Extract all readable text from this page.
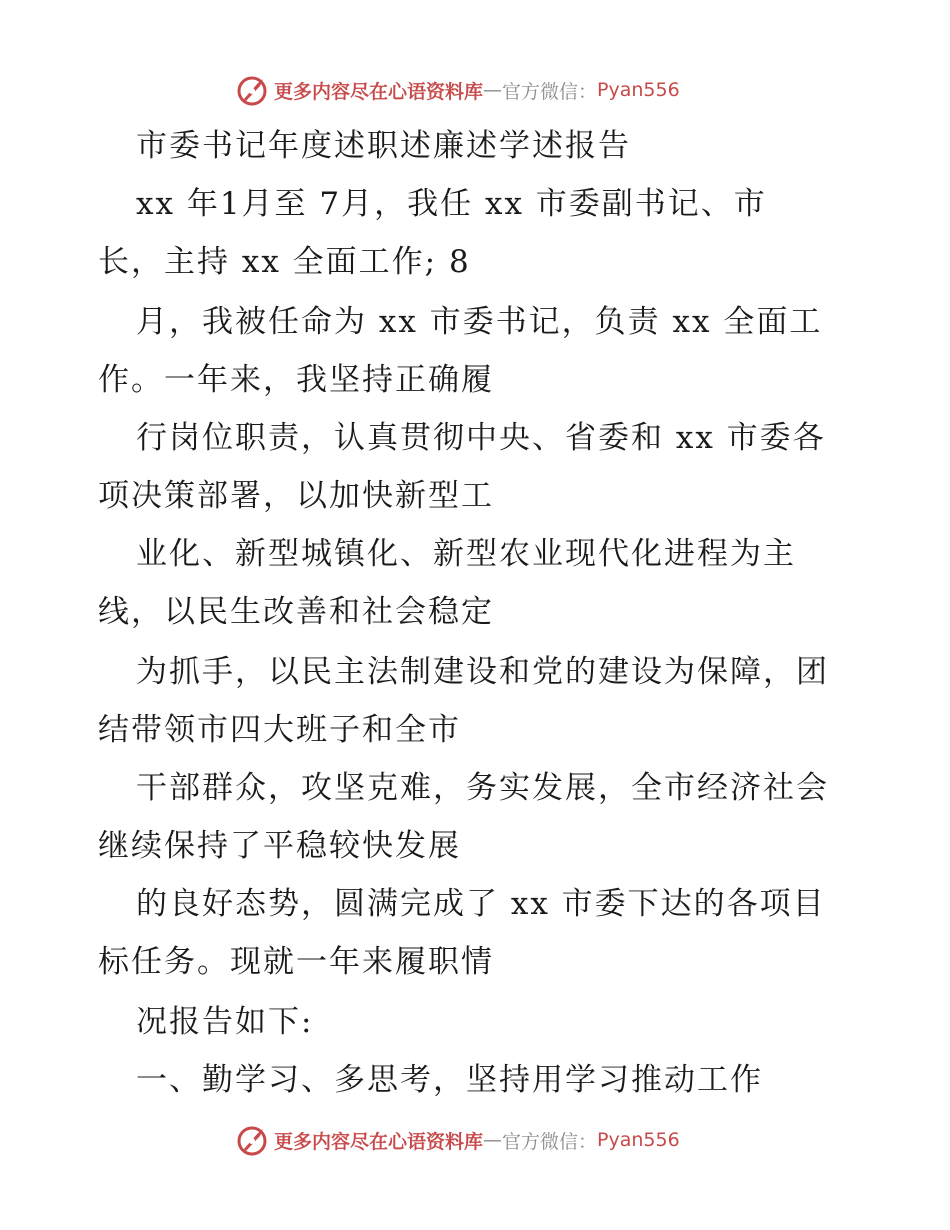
更多内容尽在心语资料库 — 官方微信： Pyan556
市委书记年度述职述廉述学述报告
xx 年1月至 7月，我任 xx 市委副书记、市
长，主持 xx 全面工作; 8
月，我被任命为 xx 市委书记，负责 xx 全面工
作。一年来，我坚持正确履
行岗位职责，认真贯彻中央、省委和 xx 市委各
项决策部署，以加快新型工
业化、新型城镇化、新型农业现代化进程为主
线，以民生改善和社会稳定
为抓手，以民主法制建设和党的建设为保障，团
结带领市四大班子和全市
干部群众，攻坚克难，务实发展，全市经济社会
继续保持了平稳较快发展
的良好态势，圆满完成了 xx 市委下达的各项目
标任务。现就一年来履职情
况报告如下:
一、勤学习、多思考，坚持用学习推动工作
更多内容尽在心语资料库 — 官方微信： Pyan556
